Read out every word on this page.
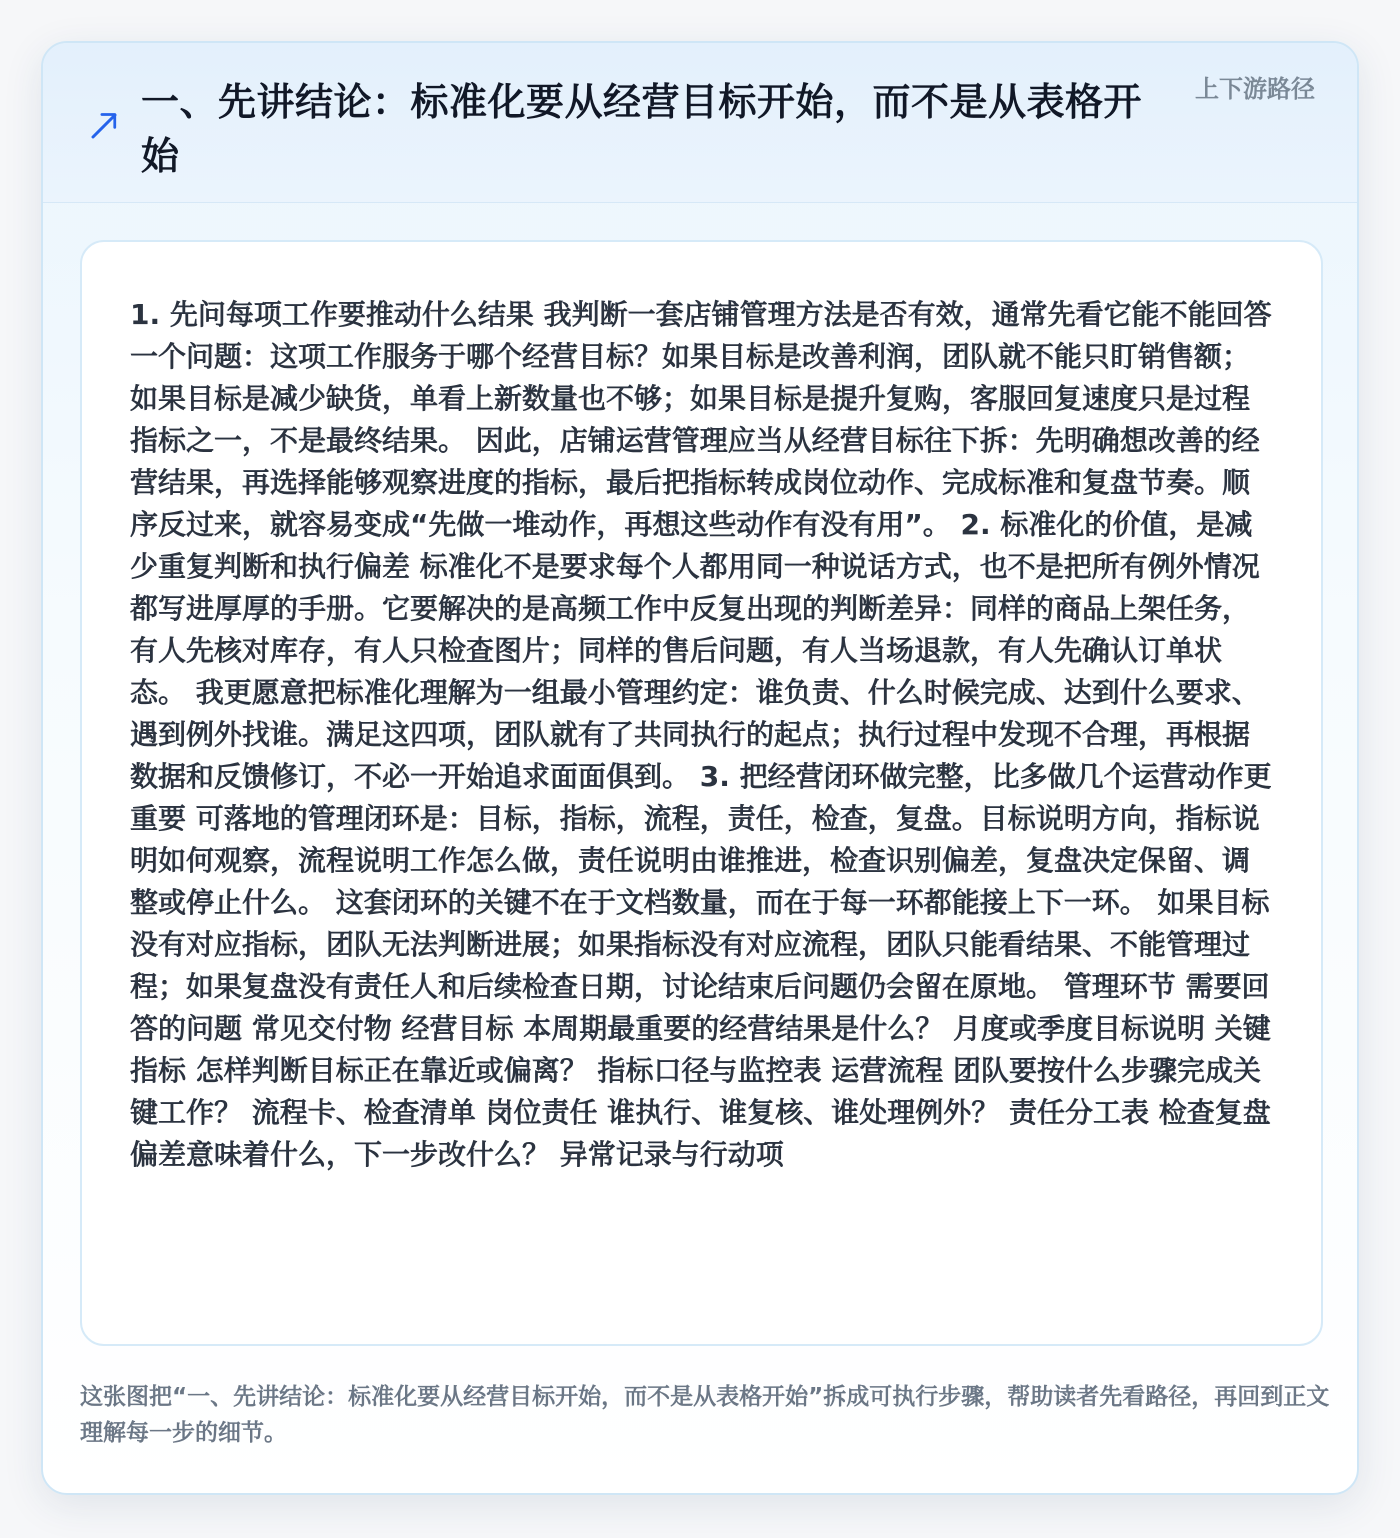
一、先讲结论：标准化要从经营目标开始，而不是从表格开始
上下游路径

1. 先问每项工作要推动什么结果 我判断一套店铺管理方法是否有效，通常先看它能不能回答一个问题：这项工作服务于哪个经营目标？如果目标是改善利润，团队就不能只盯销售额；如果目标是减少缺货，单看上新数量也不够；如果目标是提升复购，客服回复速度只是过程指标之一，不是最终结果。 因此，店铺运营管理应当从经营目标往下拆：先明确想改善的经营结果，再选择能够观察进度的指标，最后把指标转成岗位动作、完成标准和复盘节奏。顺序反过来，就容易变成“先做一堆动作，再想这些动作有没有用”。 2. 标准化的价值，是减少重复判断和执行偏差 标准化不是要求每个人都用同一种说话方式，也不是把所有例外情况都写进厚厚的手册。它要解决的是高频工作中反复出现的判断差异：同样的商品上架任务，有人先核对库存，有人只检查图片；同样的售后问题，有人当场退款，有人先确认订单状态。 我更愿意把标准化理解为一组最小管理约定：谁负责、什么时候完成、达到什么要求、遇到例外找谁。满足这四项，团队就有了共同执行的起点；执行过程中发现不合理，再根据数据和反馈修订，不必一开始追求面面俱到。 3. 把经营闭环做完整，比多做几个运营动作更重要 可落地的管理闭环是：目标，指标，流程，责任，检查，复盘。目标说明方向，指标说明如何观察，流程说明工作怎么做，责任说明由谁推进，检查识别偏差，复盘决定保留、调整或停止什么。 这套闭环的关键不在于文档数量，而在于每一环都能接上下一环。 如果目标没有对应指标，团队无法判断进展；如果指标没有对应流程，团队只能看结果、不能管理过程；如果复盘没有责任人和后续检查日期，讨论结束后问题仍会留在原地。 管理环节 需要回答的问题 常见交付物 经营目标 本周期最重要的经营结果是什么？ 月度或季度目标说明 关键指标 怎样判断目标正在靠近或偏离？ 指标口径与监控表 运营流程 团队要按什么步骤完成关键工作？ 流程卡、检查清单 岗位责任 谁执行、谁复核、谁处理例外？ 责任分工表 检查复盘 偏差意味着什么，下一步改什么？ 异常记录与行动项

这张图把“一、先讲结论：标准化要从经营目标开始，而不是从表格开始”拆成可执行步骤，帮助读者先看路径，再回到正文理解每一步的细节。
